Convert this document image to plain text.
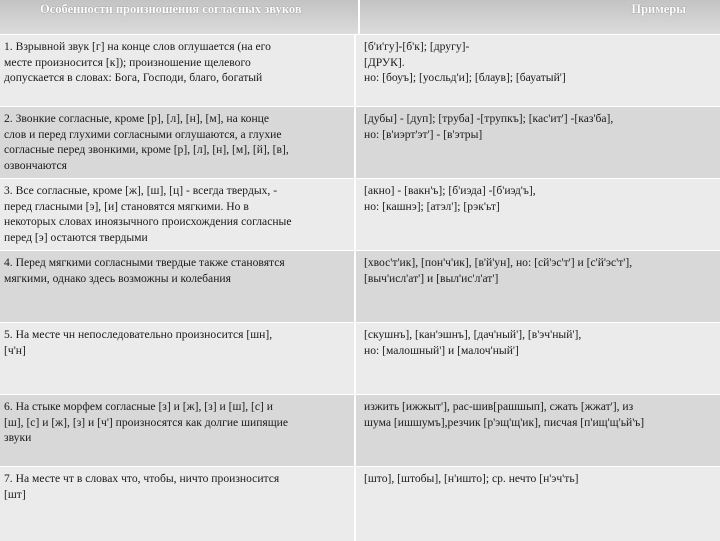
Особенности произношения согласных звуков	Примеры
1. Взрывной звук [г] на конце слов оглушается (на его
месте произносится [к]); произношение щелевого
допускается в словах: Бога, Господи, благо, богатый
[б'и'гу]-[б'к]; [другу]-
[ДРУК].
но: [боуъ]; [уосльд'и]; [блаув]; [бауатый']
2. Звонкие согласные, кроме [р], [л], [н], [м], на конце
слов и перед глухими согласными оглушаются, а глухие
согласные перед звонкими, кроме [р], [л], [н], [м], [й], [в],
озвончаются
[дубы] - [дуп]; [труба] -[трупкъ]; [кас'ит'] -[каз'ба],
но: [в'иэрт'эт'] - [в'этры]
3. Все согласные, кроме [ж], [ш], [ц] - всегда твердых, -
перед гласными [э], [и] становятся мягкими. Но в
некоторых словах иноязычного происхождения согласные
перед [э] остаются твердыми
[акно] - [вакн'ъ]; [б'иэда] -[б'иэд'ъ],
но: [кашнэ]; [атэл']; [рэк'ьт]
4. Перед мягкими согласными твердые также становятся
мягкими, однако здесь возможны и колебания
[хвос'т'ик], [пон'ч'ик], [в'й'ун], но: [сй'эс'т'] и [с'й'эс'т'],
[выч'исл'ат'] и [выл'ис'л'ат']
5. На месте чн непоследовательно произносится [шн],
[ч'н]
[скушнъ], [кан'эшнъ], [дач'ный'], [в'эч'ный'],
но: [малошный'] и [малоч'ный']
6. На стыке морфем согласные [з] и [ж], [з] и [ш], [с] и
[ш], [с] и [ж], [з] и [ч'] произносятся как долгие шипящие
звуки
изжить [ижжыт'], рас-шив[рашшып], сжать [жжат'], из
шума [ишшумъ],резчик [р'эщ'щ'ик], писчая [п'ищ'щ'ьй'ъ]
7. На месте чт в словах что, чтобы, ничто произносится
[шт]
[што], [штобы], [н'ишто]; ср. нечто [н'эч'ть]
